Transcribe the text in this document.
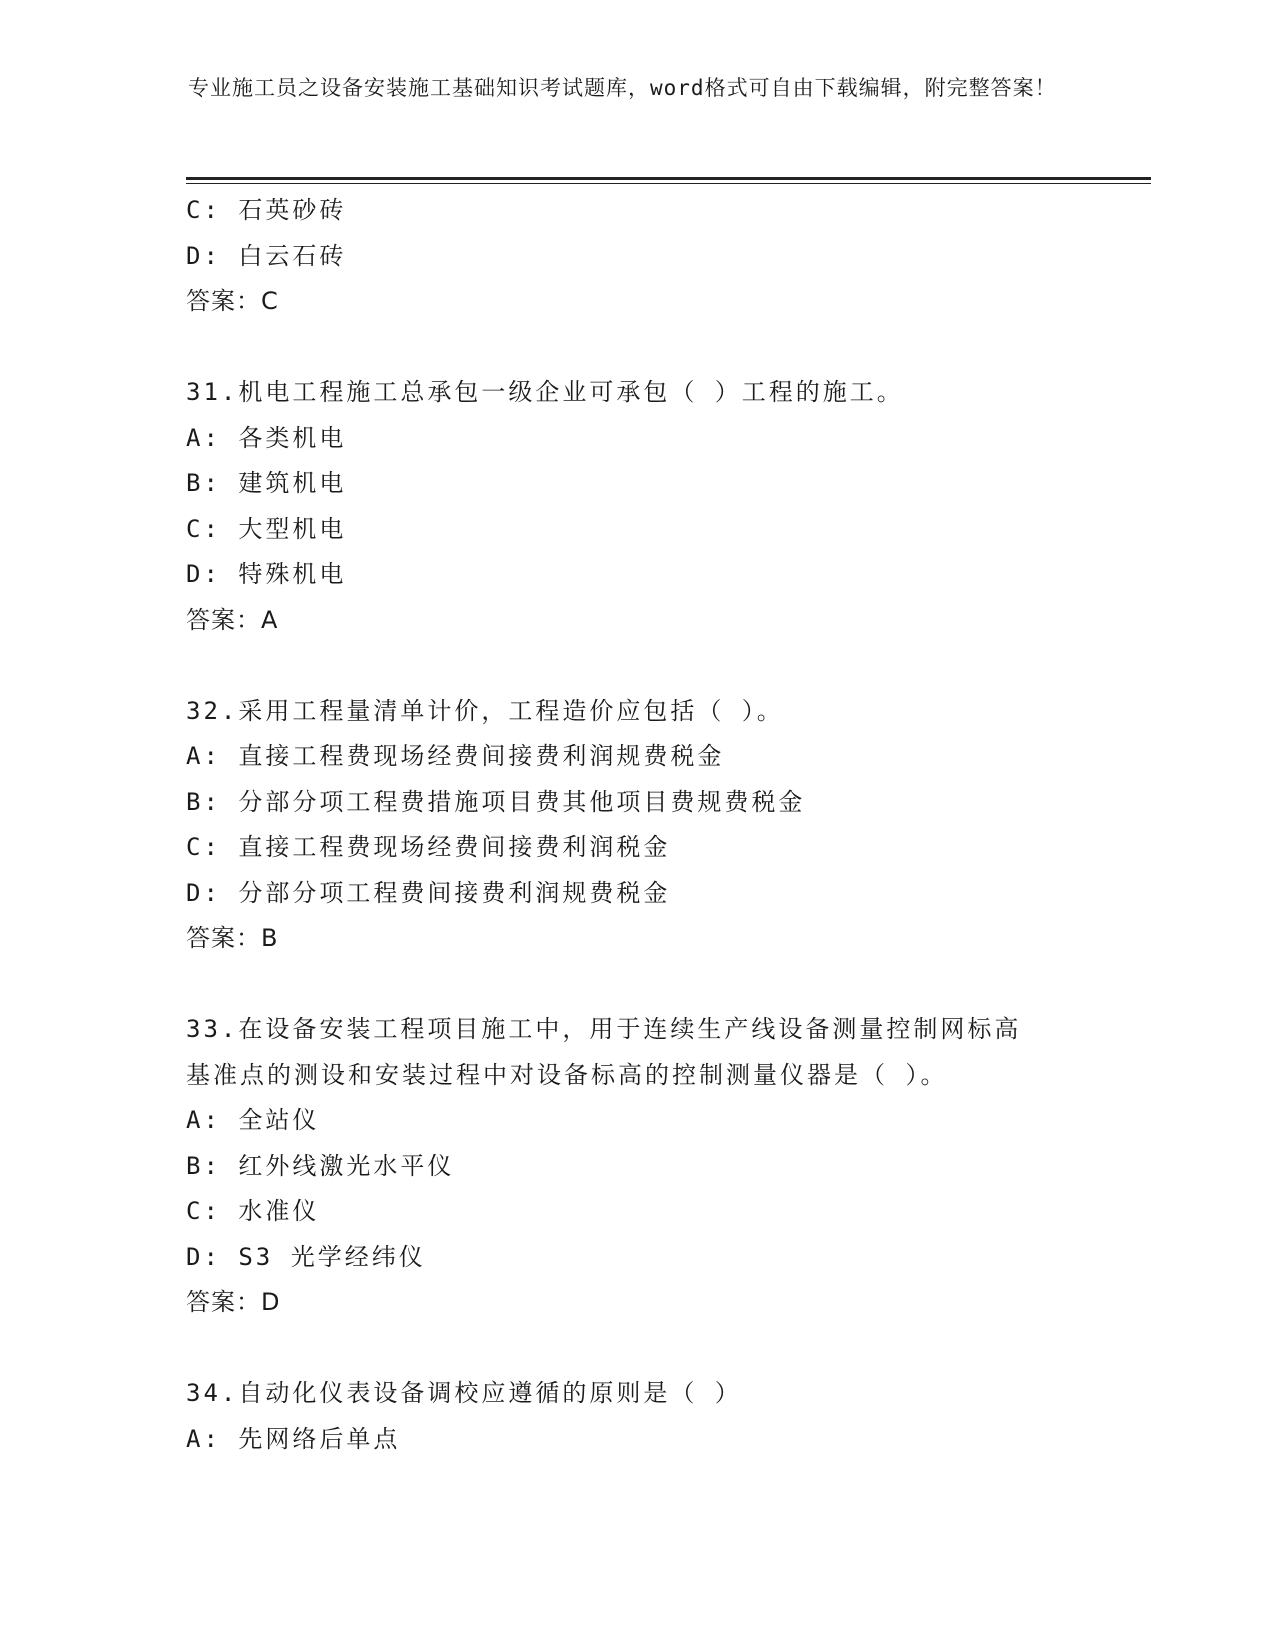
专业施工员之设备安装施工基础知识考试题库，word格式可自由下载编辑，附完整答案！
C: 石英砂砖
D: 白云石砖
答案：C
31.机电工程施工总承包一级企业可承包（ ）工程的施工。
A: 各类机电
B: 建筑机电
C: 大型机电
D: 特殊机电
答案：A
32.采用工程量清单计价，工程造价应包括（ ）。
A: 直接工程费现场经费间接费利润规费税金
B: 分部分项工程费措施项目费其他项目费规费税金
C: 直接工程费现场经费间接费利润税金
D: 分部分项工程费间接费利润规费税金
答案：B
33.在设备安装工程项目施工中，用于连续生产线设备测量控制网标高
基准点的测设和安装过程中对设备标高的控制测量仪器是（ ）。
A: 全站仪
B: 红外线激光水平仪
C: 水准仪
D: S3 光学经纬仪
答案：D
34.自动化仪表设备调校应遵循的原则是（ ）
A: 先网络后单点
